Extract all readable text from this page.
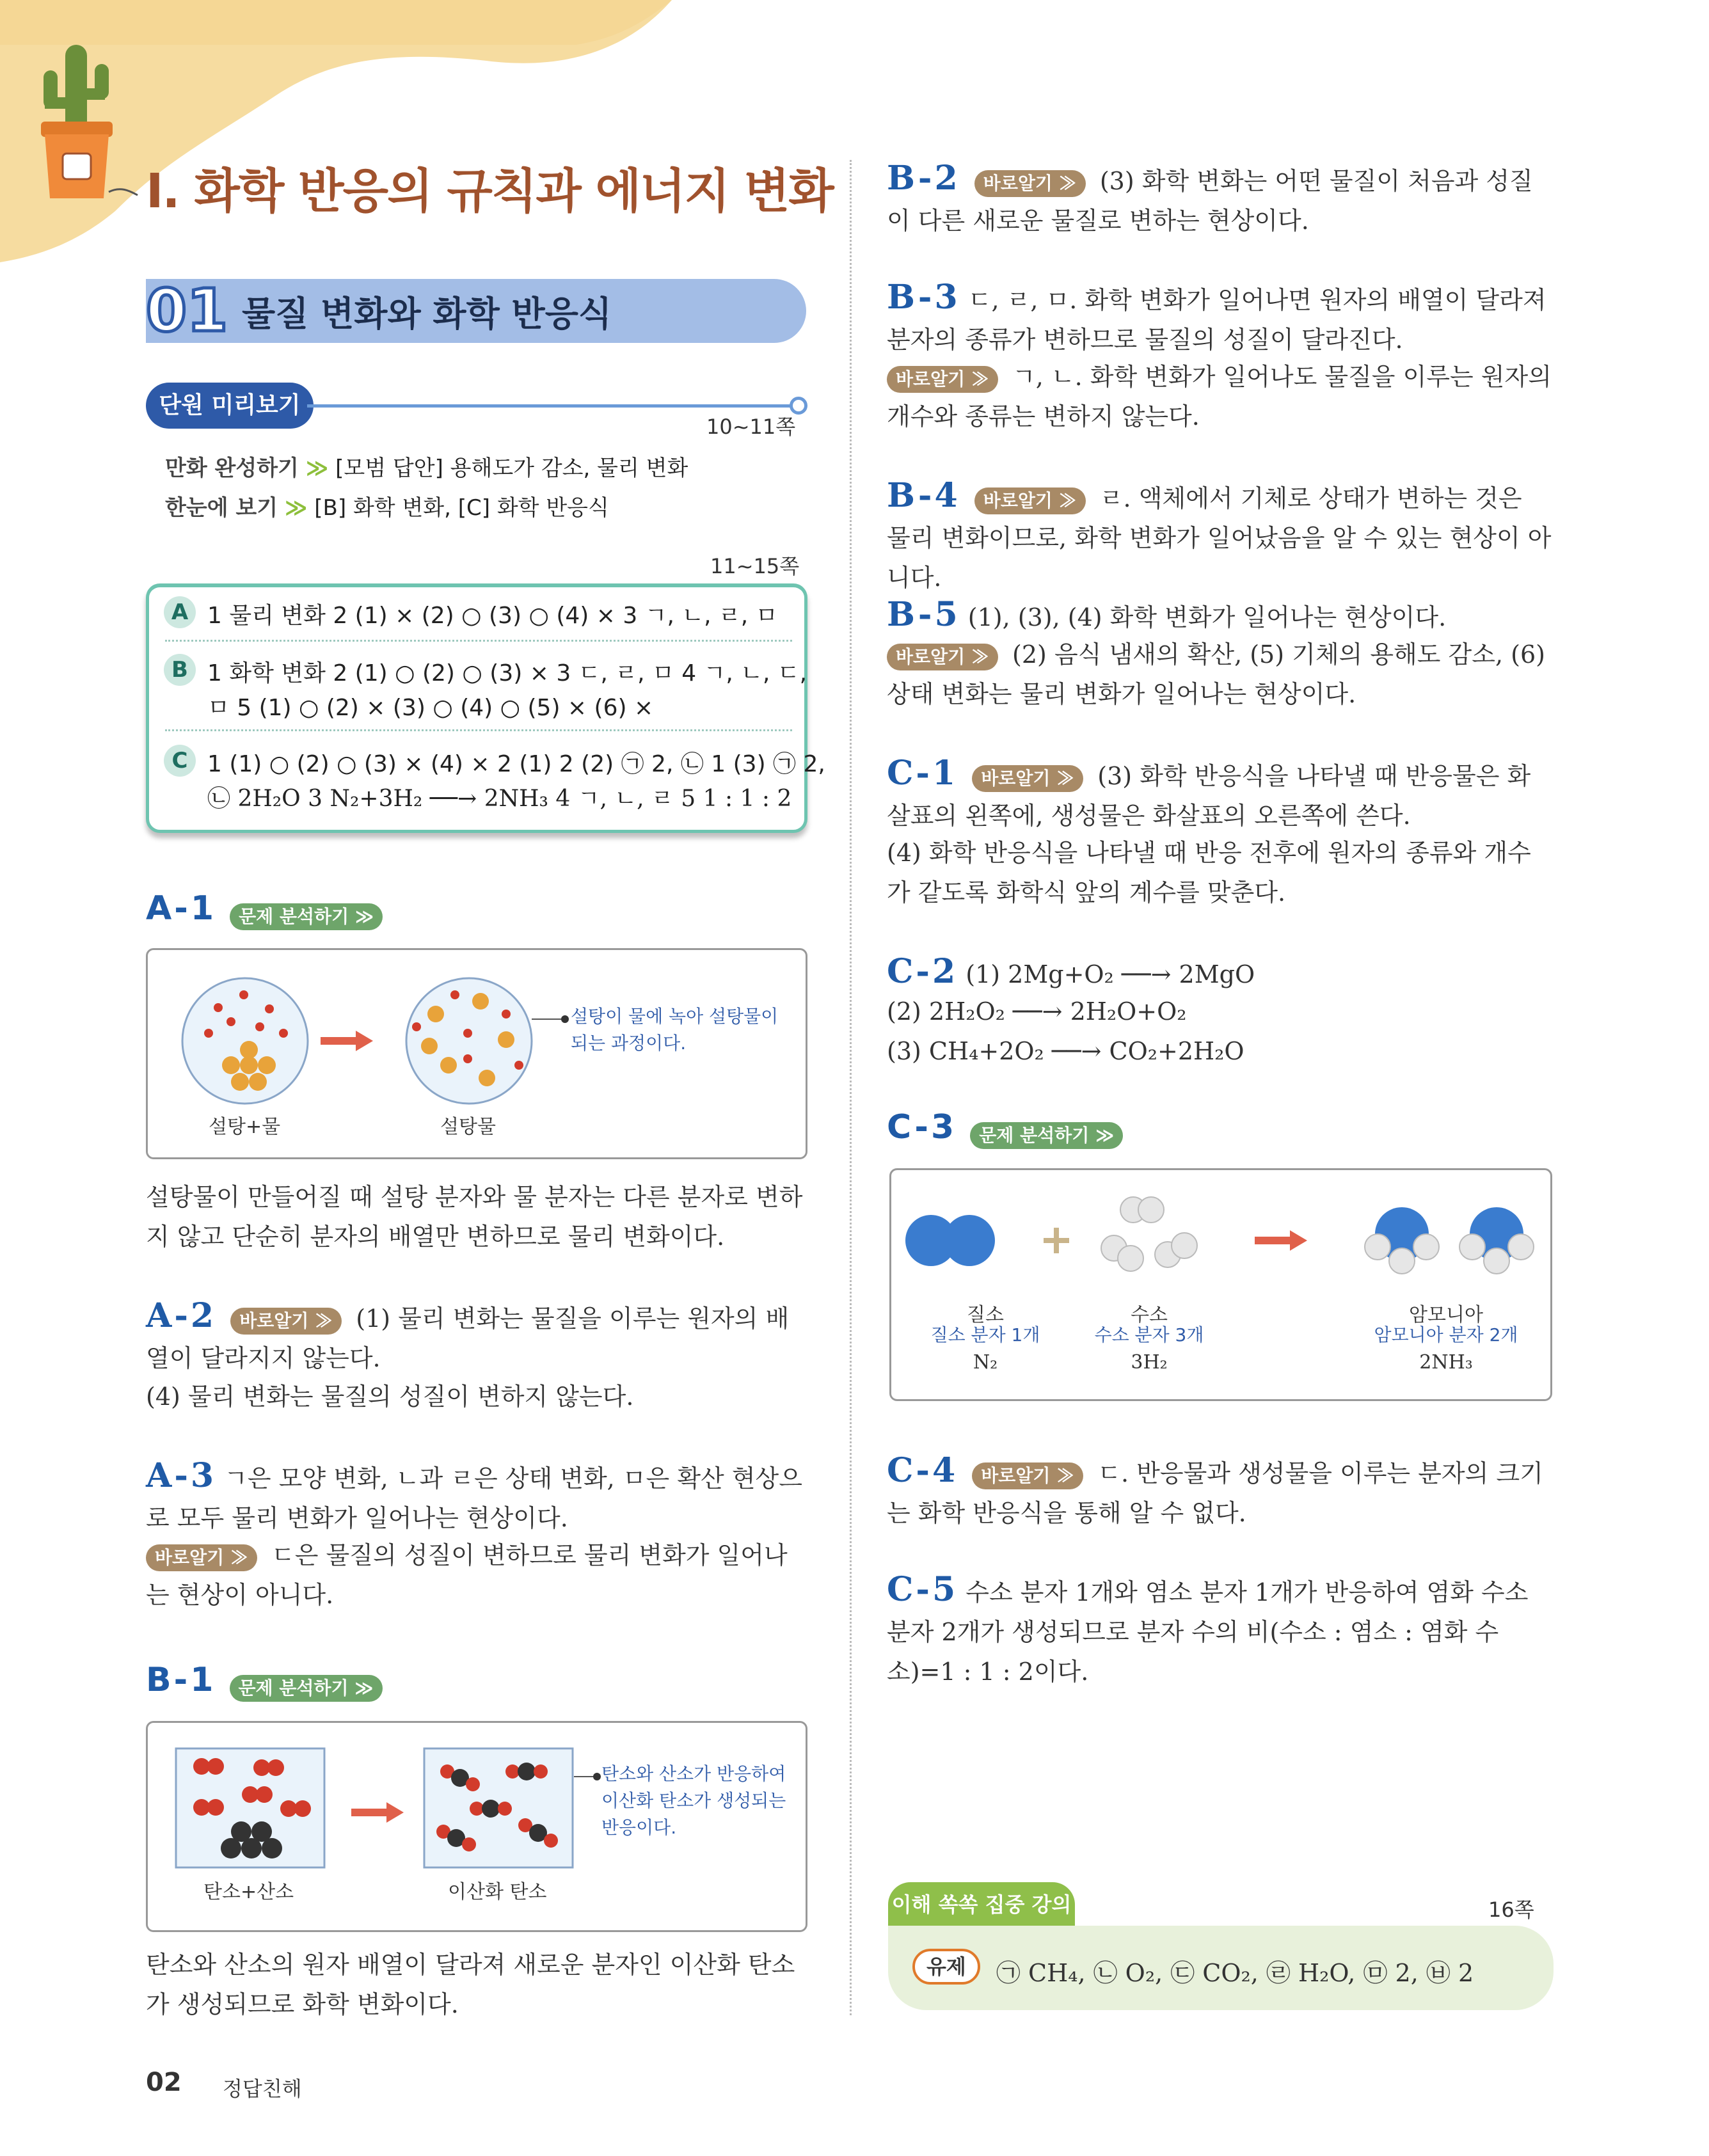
Ⅰ. 화학 반응의 규칙과 에너지 변화
01 물질 변화와 화학 반응식
단원 미리보기
10~11쪽
만화 완성하기 ≫ [모범 답안] 용해도가 감소, 물리 변화
한눈에 보기 ≫ [B] 화학 변화, [C] 화학 반응식
11~15쪽
A 1 물리 변화 2 (1) × (2) ○ (3) ○ (4) × 3 ㄱ, ㄴ, ㄹ, ㅁ
B 1 화학 변화 2 (1) ○ (2) ○ (3) × 3 ㄷ, ㄹ, ㅁ 4 ㄱ, ㄴ, ㄷ,
ㅁ 5 (1) ○ (2) × (3) ○ (4) ○ (5) × (6) ×
C 1 (1) ○ (2) ○ (3) × (4) × 2 (1) 2 (2) ㉠ 2, ㉡ 1 (3) ㉠ 2,
㉡ 2H₂O 3 N₂+3H₂ ──→ 2NH₃ 4 ㄱ, ㄴ, ㄹ 5 1 : 1 : 2
A-1 문제 분석하기 ≫
설탕+물	설탕물
설탕이 물에 녹아 설탕물이 되는 과정이다.
설탕물이 만들어질 때 설탕 분자와 물 분자는 다른 분자로 변하지 않고 단순히 분자의 배열만 변하므로 물리 변화이다.
A-2 바로알기 ≫ (1) 물리 변화는 물질을 이루는 원자의 배열이 달라지지 않는다.
(4) 물리 변화는 물질의 성질이 변하지 않는다.
A-3 ㄱ은 모양 변화, ㄴ과 ㄹ은 상태 변화, ㅁ은 확산 현상으로 모두 물리 변화가 일어나는 현상이다.
바로알기 ≫ ㄷ은 물질의 성질이 변하므로 물리 변화가 일어나는 현상이 아니다.
B-1 문제 분석하기 ≫
탄소+산소	이산화 탄소
탄소와 산소가 반응하여 이산화 탄소가 생성되는 반응이다.
탄소와 산소의 원자 배열이 달라져 새로운 분자인 이산화 탄소가 생성되므로 화학 변화이다.
B-2 바로알기 ≫ (3) 화학 변화는 어떤 물질이 처음과 성질이 다른 새로운 물질로 변하는 현상이다.
B-3 ㄷ, ㄹ, ㅁ. 화학 변화가 일어나면 원자의 배열이 달라져 분자의 종류가 변하므로 물질의 성질이 달라진다.
바로알기 ≫ ㄱ, ㄴ. 화학 변화가 일어나도 물질을 이루는 원자의 개수와 종류는 변하지 않는다.
B-4 바로알기 ≫ ㄹ. 액체에서 기체로 상태가 변하는 것은 물리 변화이므로, 화학 변화가 일어났음을 알 수 있는 현상이 아니다.
B-5 (1), (3), (4) 화학 변화가 일어나는 현상이다.
바로알기 ≫ (2) 음식 냄새의 확산, (5) 기체의 용해도 감소, (6) 상태 변화는 물리 변화가 일어나는 현상이다.
C-1 바로알기 ≫ (3) 화학 반응식을 나타낼 때 반응물은 화살표의 왼쪽에, 생성물은 화살표의 오른쪽에 쓴다.
(4) 화학 반응식을 나타낼 때 반응 전후에 원자의 종류와 개수가 같도록 화학식 앞의 계수를 맞춘다.
C-2 (1) 2Mg+O₂ ──→ 2MgO
(2) 2H₂O₂ ──→ 2H₂O+O₂
(3) CH₄+2O₂ ──→ CO₂+2H₂O
C-3 문제 분석하기 ≫
질소
질소 분자 1개
N₂
수소
수소 분자 3개
3H₂
암모니아
암모니아 분자 2개
2NH₃
C-4 바로알기 ≫ ㄷ. 반응물과 생성물을 이루는 분자의 크기는 화학 반응식을 통해 알 수 없다.
C-5 수소 분자 1개와 염소 분자 1개가 반응하여 염화 수소 분자 2개가 생성되므로 분자 수의 비(수소 : 염소 : 염화 수소)=1 : 1 : 2이다.
이해 쏙쏙 집중 강의	16쪽
유제 ㉠ CH₄, ㉡ O₂, ㉢ CO₂, ㉣ H₂O, ㉤ 2, ㉥ 2
02 정답친해
